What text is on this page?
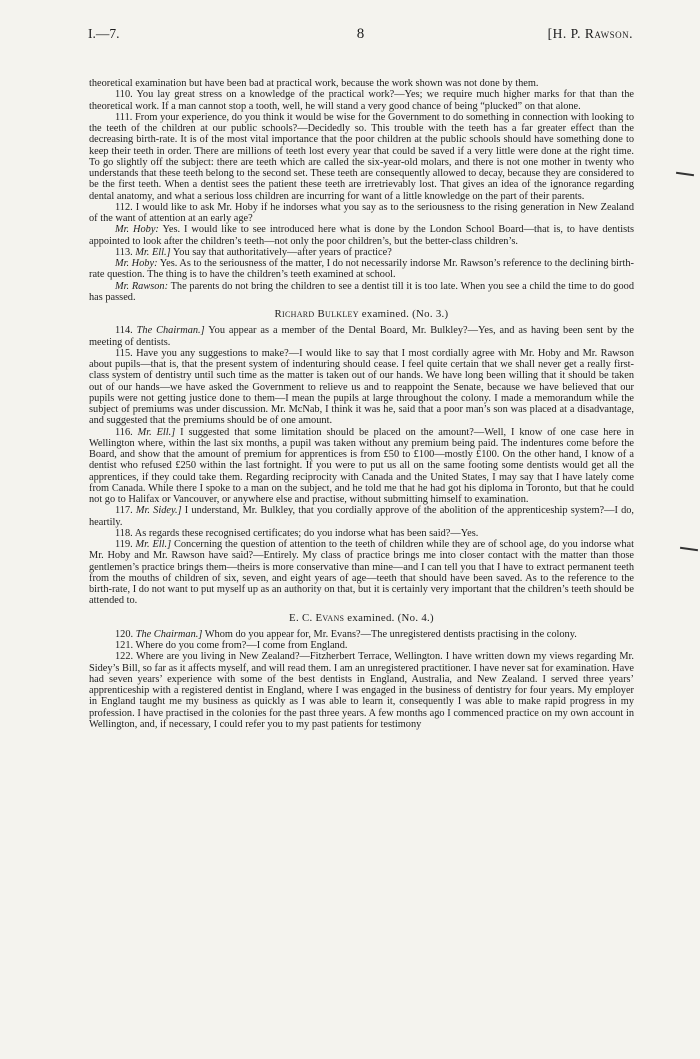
I.—7.	8	[H. P. Rawson.

theoretical examination but have been bad at practical work, because the work shown was not done by them.

110. You lay great stress on a knowledge of the practical work?—Yes; we require much higher marks for that than the theoretical work. If a man cannot stop a tooth, well, he will stand a very good chance of being “plucked” on that alone.

111. From your experience, do you think it would be wise for the Government to do something in connection with looking to the teeth of the children at our public schools?—Decidedly so. This trouble with the teeth has a far greater effect than the decreasing birth-rate. It is of the most vital importance that the poor children at the public schools should have something done to keep their teeth in order. There are millions of teeth lost every year that could be saved if a very little were done at the right time. To go slightly off the subject: there are teeth which are called the six-year-old molars, and there is not one mother in twenty who understands that these teeth belong to the second set. These teeth are consequently allowed to decay, because they are considered to be the first teeth. When a dentist sees the patient these teeth are irretrievably lost. That gives an idea of the ignorance regarding dental anatomy, and what a serious loss children are incurring for want of a little knowledge on the part of their parents.

112. I would like to ask Mr. Hoby if he indorses what you say as to the seriousness to the rising generation in New Zealand of the want of attention at an early age?

Mr. Hoby: Yes. I would like to see introduced here what is done by the London School Board—that is, to have dentists appointed to look after the children’s teeth—not only the poor children’s, but the better-class children’s.

113. Mr. Ell.] You say that authoritatively—after years of practice?

Mr. Hoby: Yes. As to the seriousness of the matter, I do not necessarily indorse Mr. Rawson’s reference to the declining birth-rate question. The thing is to have the children’s teeth examined at school.

Mr. Rawson: The parents do not bring the children to see a dentist till it is too late. When you see a child the time to do good has passed.

Richard Bulkley examined. (No. 3.)

114. The Chairman.] You appear as a member of the Dental Board, Mr. Bulkley?—Yes, and as having been sent by the meeting of dentists.

115. Have you any suggestions to make?—I would like to say that I most cordially agree with Mr. Hoby and Mr. Rawson about pupils—that is, that the present system of indenturing should cease. I feel quite certain that we shall never get a really first-class system of dentistry until such time as the matter is taken out of our hands. We have long been willing that it should be taken out of our hands—we have asked the Government to relieve us and to reappoint the Senate, because we have believed that our pupils were not getting justice done to them—I mean the pupils at large throughout the colony. I made a memorandum while the subject of premiums was under discussion. Mr. McNab, I think it was he, said that a poor man’s son was placed at a disadvantage, and suggested that the premiums should be of one amount.

116. Mr. Ell.] I suggested that some limitation should be placed on the amount?—Well, I know of one case here in Wellington where, within the last six months, a pupil was taken without any premium being paid. The indentures come before the Board, and show that the amount of premium for apprentices is from £50 to £100—mostly £100. On the other hand, I know of a dentist who refused £250 within the last fortnight. If you were to put us all on the same footing some dentists would get all the apprentices, if they could take them. Regarding reciprocity with Canada and the United States, I may say that I have lately come from Canada. While there I spoke to a man on the subject, and he told me that he had got his diploma in Toronto, but that he could not go to Halifax or Vancouver, or anywhere else and practise, without submitting himself to examination.

117. Mr. Sidey.] I understand, Mr. Bulkley, that you cordially approve of the abolition of the apprenticeship system?—I do, heartily.

118. As regards these recognised certificates; do you indorse what has been said?—Yes.

119. Mr. Ell.] Concerning the question of attention to the teeth of children while they are of school age, do you indorse what Mr. Hoby and Mr. Rawson have said?—Entirely. My class of practice brings me into closer contact with the matter than those gentlemen’s practice brings them—theirs is more conservative than mine—and I can tell you that I have to extract permanent teeth from the mouths of children of six, seven, and eight years of age—teeth that should have been saved. As to the reference to the birth-rate, I do not want to put myself up as an authority on that, but it is certainly very important that the children’s teeth should be attended to.

E. C. Evans examined. (No. 4.)

120. The Chairman.] Whom do you appear for, Mr. Evans?—The unregistered dentists practising in the colony.

121. Where do you come from?—I come from England.

122. Where are you living in New Zealand?—Fitzherbert Terrace, Wellington. I have written down my views regarding Mr. Sidey’s Bill, so far as it affects myself, and will read them. I am an unregistered practitioner. I have never sat for examination. Have had seven years’ experience with some of the best dentists in England, Australia, and New Zealand. I served three years’ apprenticeship with a registered dentist in England, where I was engaged in the business of dentistry for four years. My employer in England taught me my business as quickly as I was able to learn it, consequently I was able to make rapid progress in my profession. I have practised in the colonies for the past three years. A few months ago I commenced practice on my own account in Wellington, and, if necessary, I could refer you to my past patients for testimony
